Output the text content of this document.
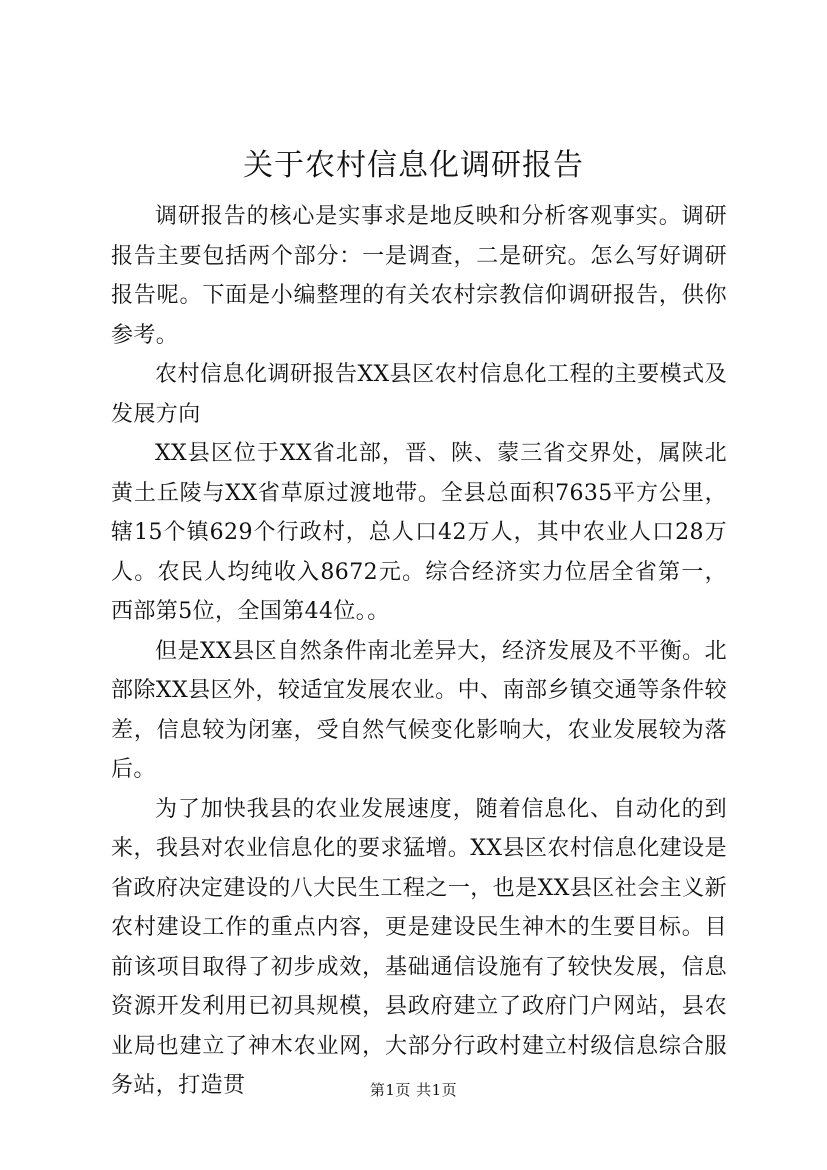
关于农村信息化调研报告

调研报告的核心是实事求是地反映和分析客观事实。调研报告主要包括两个部分：一是调查，二是研究。怎么写好调研报告呢。下面是小编整理的有关农村宗教信仰调研报告，供你参考。

农村信息化调研报告XX县区农村信息化工程的主要模式及发展方向

XX县区位于XX省北部，晋、陕、蒙三省交界处，属陕北黄土丘陵与XX省草原过渡地带。全县总面积7635平方公里，辖15个镇629个行政村，总人口42万人，其中农业人口28万人。农民人均纯收入8672元。综合经济实力位居全省第一，西部第5位，全国第44位。。

但是XX县区自然条件南北差异大，经济发展及不平衡。北部除XX县区外，较适宜发展农业。中、南部乡镇交通等条件较差，信息较为闭塞，受自然气候变化影响大，农业发展较为落后。

为了加快我县的农业发展速度，随着信息化、自动化的到来，我县对农业信息化的要求猛增。XX县区农村信息化建设是省政府决定建设的八大民生工程之一，也是XX县区社会主义新农村建设工作的重点内容，更是建设民生神木的生要目标。目前该项目取得了初步成效，基础通信设施有了较快发展，信息资源开发利用已初具规模，县政府建立了政府门户网站，县农业局也建立了神木农业网，大部分行政村建立村级信息综合服务站，打造贯	第1页 共1页
